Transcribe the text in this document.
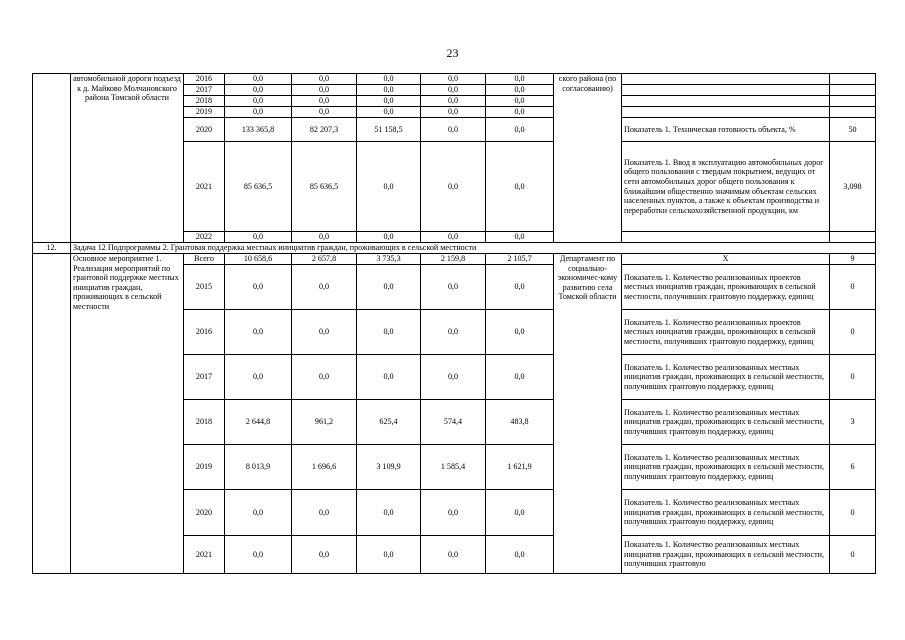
23
	автомобильной дороги подъезд к д. Майково Молчановского района Томской области	2016	0,0	0,0	0,0	0,0	0,0	ского района (по согласованию)		
		2017	0,0	0,0	0,0	0,0	0,0			
		2018	0,0	0,0	0,0	0,0	0,0			
		2019	0,0	0,0	0,0	0,0	0,0			
		2020	133 365,8	82 207,3	51 158,5	0,0	0,0		Показатель 1. Техническая готовность объекта, %	50
		2021	85 636,5	85 636,5	0,0	0,0	0,0		Показатель 1. Ввод в эксплуатацию автомобильных дорог общего пользования с твердым покрытием, ведущих от сети автомобильных дорог общего пользования к ближайшим общественно значимым объектам сельских населенных пунктов, а также к объектам производства и переработки сельскохозяйственной продукции, км	3,098
		2022	0,0	0,0	0,0	0,0	0,0			
12.	Задача 12 Подпрограммы 2. Грантовая поддержка местных инициатив граждан, проживающих в сельской местности									
	Основное мероприятие 1. Реализация мероприятий по грантовой поддержке местных инициатив граждан, проживающих в сельской местности	Всего	10 658,6	2 657,8	3 735,3	2 159,8	2 105,7	Департамент по социально-экономичес-кому развитию села Томской области	X	9
		2015	0,0	0,0	0,0	0,0	0,0		Показатель 1. Количество реализованных проектов местных инициатив граждан, проживающих в сельской местности, получивших грантовую поддержку, единиц	0
		2016	0,0	0,0	0,0	0,0	0,0		Показатель 1. Количество реализованных проектов местных инициатив граждан, проживающих в сельской местности, получивших грантовую поддержку, единиц	0
		2017	0,0	0,0	0,0	0,0	0,0		Показатель 1. Количество реализованных местных инициатив граждан, проживающих в сельской местности, получивших грантовую поддержку, единиц	0
		2018	2 644,8	961,2	625,4	574,4	483,8		Показатель 1. Количество реализованных местных инициатив граждан, проживающих в сельской местности, получивших грантовую поддержку, единиц	3
		2019	8 013,9	1 696,6	3 109,9	1 585,4	1 621,9		Показатель 1. Количество реализованных местных инициатив граждан, проживающих в сельской местности, получивших грантовую поддержку, единиц	6
		2020	0,0	0,0	0,0	0,0	0,0		Показатель 1. Количество реализованных местных инициатив граждан, проживающих в сельской местности, получивших грантовую поддержку, единиц	0
		2021	0,0	0,0	0,0	0,0	0,0		Показатель 1. Количество реализованных местных инициатив граждан, проживающих в сельской местности, получивших грантовую	0
